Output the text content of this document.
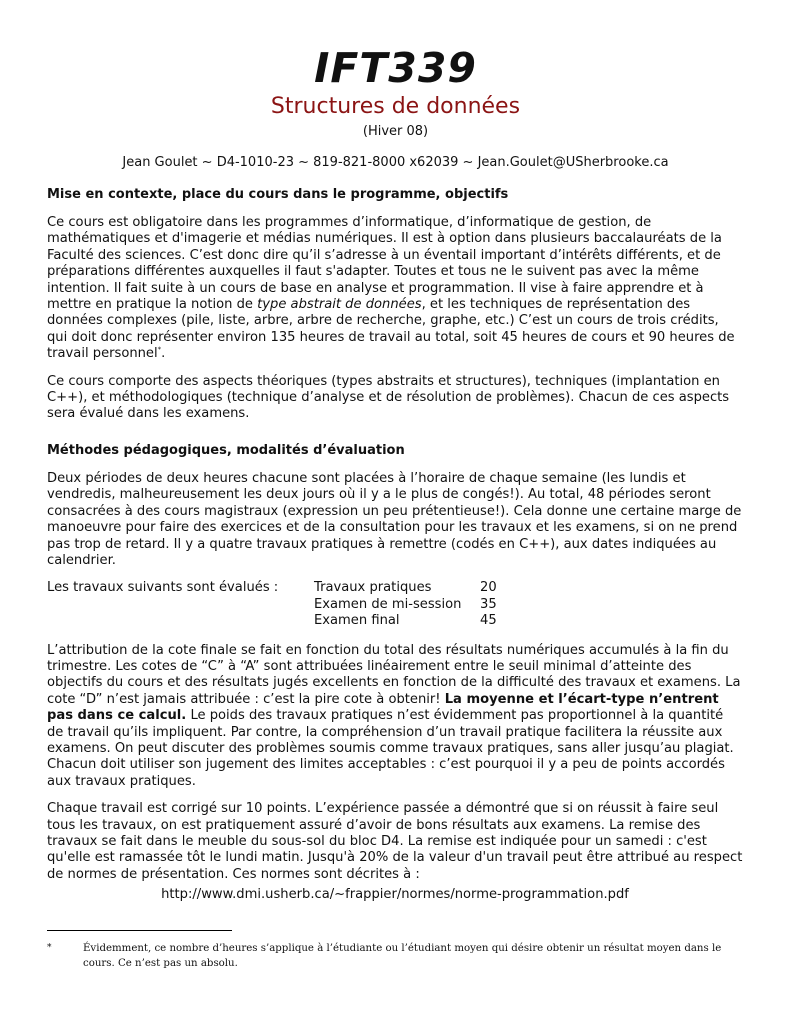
IFT339
Structures de données
(Hiver 08)
Jean Goulet ~ D4-1010-23 ~ 819-821-8000 x62039 ~ Jean.Goulet@USherbrooke.ca
Mise en contexte, place du cours dans le programme, objectifs

Ce cours est obligatoire dans les programmes d’informatique, d’informatique de gestion, de mathématiques et d'imagerie et médias numériques. Il est à option dans plusieurs baccalauréats de la Faculté des sciences. C’est donc dire qu’il s’adresse à un éventail important d’intérêts différents, et de préparations différentes auxquelles il faut s'adapter. Toutes et tous ne le suivent pas avec la même intention. Il fait suite à un cours de base en analyse et programmation. Il vise à faire apprendre et à mettre en pratique la notion de type abstrait de données, et les techniques de représentation des données complexes (pile, liste, arbre, arbre de recherche, graphe, etc.) C’est un cours de trois crédits, qui doit donc représenter environ 135 heures de travail au total, soit 45 heures de cours et 90 heures de travail personnel*.

Ce cours comporte des aspects théoriques (types abstraits et structures), techniques (implantation en C++), et méthodologiques (technique d’analyse et de résolution de problèmes). Chacun de ces aspects sera évalué dans les examens.

Méthodes pédagogiques, modalités d’évaluation

Deux périodes de deux heures chacune sont placées à l’horaire de chaque semaine (les lundis et vendredis, malheureusement les deux jours où il y a le plus de congés!). Au total, 48 périodes seront consacrées à des cours magistraux (expression un peu prétentieuse!). Cela donne une certaine marge de manoeuvre pour faire des exercices et de la consultation pour les travaux et les examens, si on ne prend pas trop de retard. Il y a quatre travaux pratiques à remettre (codés en C++), aux dates indiquées au calendrier.

Les travaux suivants sont évalués :	Travaux pratiques	20
Examen de mi-session	35
Examen final	45

L’attribution de la cote finale se fait en fonction du total des résultats numériques accumulés à la fin du trimestre. Les cotes de “C” à “A” sont attribuées linéairement entre le seuil minimal d’atteinte des objectifs du cours et des résultats jugés excellents en fonction de la difficulté des travaux et examens. La cote “D” n’est jamais attribuée : c’est la pire cote à obtenir! La moyenne et l’écart-type n’entrent pas dans ce calcul. Le poids des travaux pratiques n’est évidemment pas proportionnel à la quantité de travail qu’ils impliquent. Par contre, la compréhension d’un travail pratique facilitera la réussite aux examens. On peut discuter des problèmes soumis comme travaux pratiques, sans aller jusqu’au plagiat. Chacun doit utiliser son jugement des limites acceptables : c’est pourquoi il y a peu de points accordés aux travaux pratiques.

Chaque travail est corrigé sur 10 points. L’expérience passée a démontré que si on réussit à faire seul tous les travaux, on est pratiquement assuré d’avoir de bons résultats aux examens. La remise des travaux se fait dans le meuble du sous-sol du bloc D4. La remise est indiquée pour un samedi : c'est qu'elle est ramassée tôt le lundi matin. Jusqu'à 20% de la valeur d'un travail peut être attribué au respect de normes de présentation. Ces normes sont décrites à :

http://www.dmi.usherb.ca/~frappier/normes/norme-programmation.pdf
*	Évidemment, ce nombre d’heures s’applique à l’étudiante ou l’étudiant moyen qui désire obtenir un résultat moyen dans le cours. Ce n’est pas un absolu.
